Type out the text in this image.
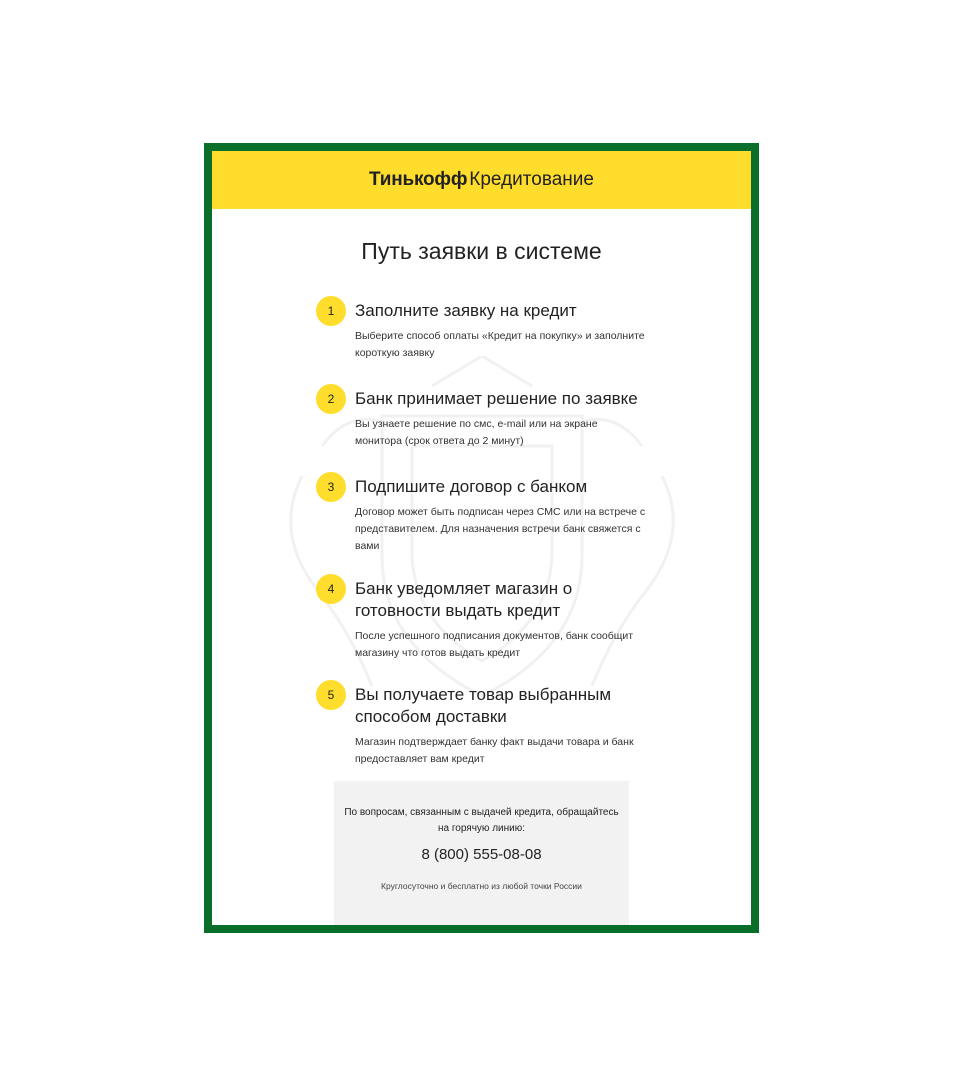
Тинькофф Кредитование
Путь заявки в системе
1	Заполните заявку на кредит
Выберите способ оплаты «Кредит на покупку» и заполните короткую заявку
2	Банк принимает решение по заявке
Вы узнаете решение по смс, e-mail или на экране монитора (срок ответа до 2 минут)
3	Подпишите договор с банком
Договор может быть подписан через СМС или на встрече с представителем. Для назначения встречи банк свяжется с вами
4	Банк уведомляет магазин о готовности выдать кредит
После успешного подписания документов, банк сообщит магазину что готов выдать кредит
5	Вы получаете товар выбранным способом доставки
Магазин подтверждает банку факт выдачи товара и банк предоставляет вам кредит
По вопросам, связанным с выдачей кредита, обращайтесь на горячую линию:
8 (800) 555-08-08
Круглосуточно и бесплатно из любой точки России
